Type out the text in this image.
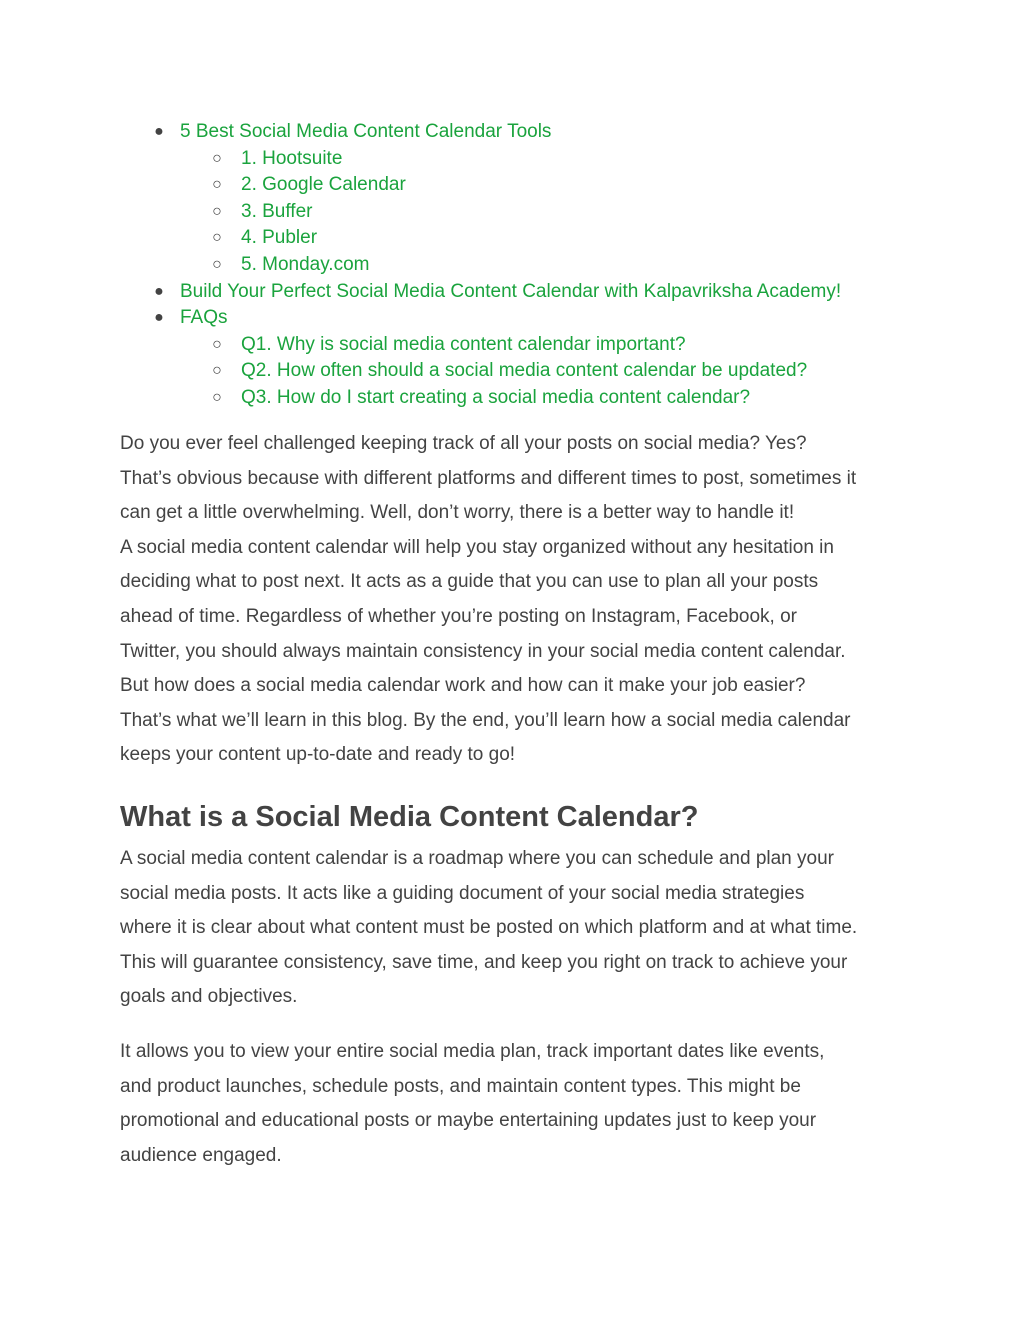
● 5 Best Social Media Content Calendar Tools
○ 1. Hootsuite
○ 2. Google Calendar
○ 3. Buffer
○ 4. Publer
○ 5. Monday.com
● Build Your Perfect Social Media Content Calendar with Kalpavriksha Academy!
● FAQs
○ Q1. Why is social media content calendar important?
○ Q2. How often should a social media content calendar be updated?
○ Q3. How do I start creating a social media content calendar?

Do you ever feel challenged keeping track of all your posts on social media? Yes?
That’s obvious because with different platforms and different times to post, sometimes it
can get a little overwhelming. Well, don’t worry, there is a better way to handle it!
A social media content calendar will help you stay organized without any hesitation in
deciding what to post next. It acts as a guide that you can use to plan all your posts
ahead of time. Regardless of whether you’re posting on Instagram, Facebook, or
Twitter, you should always maintain consistency in your social media content calendar.
But how does a social media calendar work and how can it make your job easier?
That’s what we’ll learn in this blog. By the end, you’ll learn how a social media calendar
keeps your content up-to-date and ready to go!

What is a Social Media Content Calendar?

A social media content calendar is a roadmap where you can schedule and plan your
social media posts. It acts like a guiding document of your social media strategies
where it is clear about what content must be posted on which platform and at what time.
This will guarantee consistency, save time, and keep you right on track to achieve your
goals and objectives.

It allows you to view your entire social media plan, track important dates like events,
and product launches, schedule posts, and maintain content types. This might be
promotional and educational posts or maybe entertaining updates just to keep your
audience engaged.
